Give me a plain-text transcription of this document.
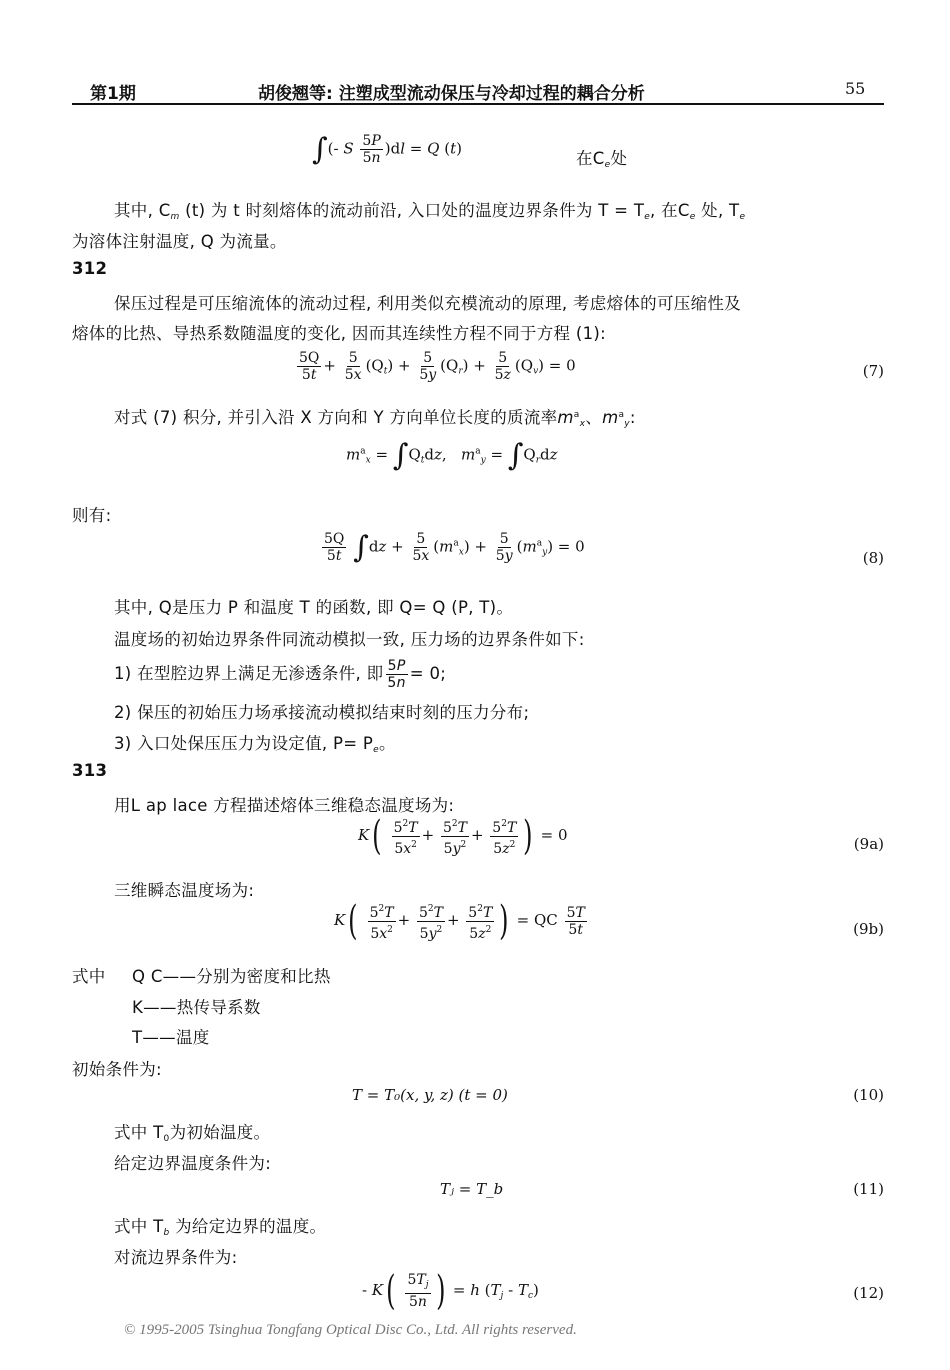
第1期	胡俊翘等: 注塑成型流动保压与冷却过程的耦合分析	55
∫(- S $\frac{5P}{5n} )dl = Q$ (t)
在$C_e$处
其中, $C_m$ (t) 为 t 时刻熔体的流动前沿, 入口处的温度边界条件为 $T = T_e$, 在$C_e$ 处, $T_e$
为溶体注射温度, Q 为流量。
312
保压过程是可压缩流体的流动过程, 利用类似充模流动的原理, 考虑熔体的可压缩性及
熔体的比热、导热系数随温度的变化, 因而其连续性方程不同于方程 (1):
$\frac{5Q}{5t} + \frac{5}{5x} (Q_t) + \frac{5}{5y} (Q_r) + \frac{5}{5z} (Q_v) = 0$	(7)
对式 (7) 积分, 并引入沿 X 方向和 Y 方向单位长度的质流率$m^a_x$、$m^a_y$:
$m^a_x = \int Q_tdz$,   $m^a_y = \int Q_rdz$
则有:
$\frac{5Q}{5t} \int dz + \frac{5}{5x} (m^a_x) + \frac{5}{5y} (m^a_y) = 0$
(8)
其中, Q是压力 P 和温度 T 的函数, 即 Q= Q (P, T)。
温度场的初始边界条件同流动模拟一致, 压力场的边界条件如下:
1) 在型腔边界上满足无渗透条件, 即 $\frac{5P}{5n} = 0$;
2) 保压的初始压力场承接流动模拟结束时刻的压力分布;
3) 入口处保压压力为设定值, $P= P_e$。
313
用L ap lace 方程描述熔体三维稳态温度场为:
$K( \frac{5^2T}{5x^2} + \frac{5^2T}{5y^2} + \frac{5^2T}{5z^2}$ ) = 0	(9a)
三维瞬态温度场为:
$K( \frac{5^2T}{5x^2} + \frac{5^2T}{5y^2} + \frac{5^2T}{5z^2}$ ) = QC $\frac{5T}{5t}$	(9b)
式中 Q C——分别为密度和比热
K——热传导系数
T——温度
初始条件为:
T = T₀(x, y, z) (t = 0)	(10)
式中 $T_0$为初始温度。
给定边界温度条件为:
Tⱼ = T_b	(11)
式中 $T_b$ 为给定边界的温度。
对流边界条件为:
- $K( \frac{5T_j}{5n}$ ) = h $(T_j - T_c)$	(12)
© 1995-2005 Tsinghua Tongfang Optical Disc Co., Ltd. All rights reserved.
